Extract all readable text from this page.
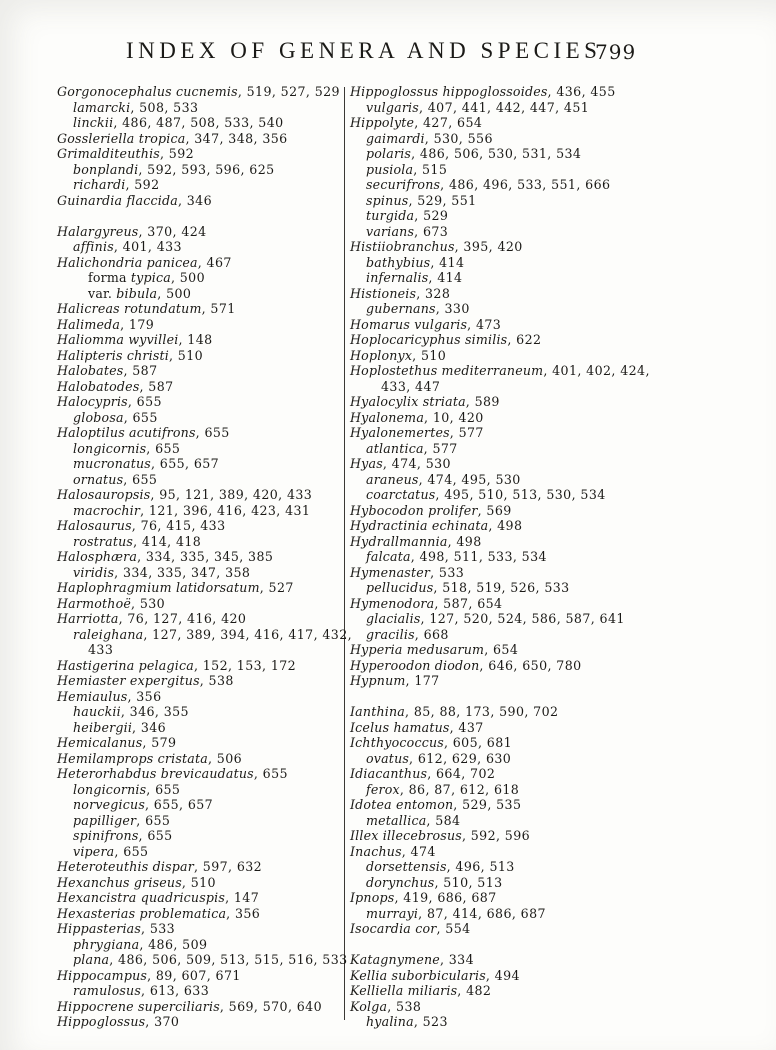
INDEX OF GENERA AND SPECIES
799
Gorgonocephalus cucnemis, 519, 527, 529
lamarcki, 508, 533
linckii, 486, 487, 508, 533, 540
Gossleriella tropica, 347, 348, 356
Grimalditeuthis, 592
bonplandi, 592, 593, 596, 625
richardi, 592
Guinardia flaccida, 346
Halargyreus, 370, 424
affinis, 401, 433
Halichondria panicea, 467
forma typica, 500
var. bibula, 500
Halicreas rotundatum, 571
Halimeda, 179
Haliomma wyvillei, 148
Halipteris christi, 510
Halobates, 587
Halobatodes, 587
Halocypris, 655
globosa, 655
Haloptilus acutifrons, 655
longicornis, 655
mucronatus, 655, 657
ornatus, 655
Halosauropsis, 95, 121, 389, 420, 433
macrochir, 121, 396, 416, 423, 431
Halosaurus, 76, 415, 433
rostratus, 414, 418
Halosphæra, 334, 335, 345, 385
viridis, 334, 335, 347, 358
Haplophragmium latidorsatum, 527
Harmothoë, 530
Harriotta, 76, 127, 416, 420
raleighana, 127, 389, 394, 416, 417, 432,
433
Hastigerina pelagica, 152, 153, 172
Hemiaster expergitus, 538
Hemiaulus, 356
hauckii, 346, 355
heibergii, 346
Hemicalanus, 579
Hemilamprops cristata, 506
Heterorhabdus brevicaudatus, 655
longicornis, 655
norvegicus, 655, 657
papilliger, 655
spinifrons, 655
vipera, 655
Heteroteuthis dispar, 597, 632
Hexanchus griseus, 510
Hexancistra quadricuspis, 147
Hexasterias problematica, 356
Hippasterias, 533
phrygiana, 486, 509
plana, 486, 506, 509, 513, 515, 516, 533
Hippocampus, 89, 607, 671
ramulosus, 613, 633
Hippocrene superciliaris, 569, 570, 640
Hippoglossus, 370
Hippoglossus hippoglossoides, 436, 455
vulgaris, 407, 441, 442, 447, 451
Hippolyte, 427, 654
gaimardi, 530, 556
polaris, 486, 506, 530, 531, 534
pusiola, 515
securifrons, 486, 496, 533, 551, 666
spinus, 529, 551
turgida, 529
varians, 673
Histiiobranchus, 395, 420
bathybius, 414
infernalis, 414
Histioneis, 328
gubernans, 330
Homarus vulgaris, 473
Hoplocaricyphus similis, 622
Hoplonyx, 510
Hoplostethus mediterraneum, 401, 402, 424,
433, 447
Hyalocylix striata, 589
Hyalonema, 10, 420
Hyalonemertes, 577
atlantica, 577
Hyas, 474, 530
araneus, 474, 495, 530
coarctatus, 495, 510, 513, 530, 534
Hybocodon prolifer, 569
Hydractinia echinata, 498
Hydrallmannia, 498
falcata, 498, 511, 533, 534
Hymenaster, 533
pellucidus, 518, 519, 526, 533
Hymenodora, 587, 654
glacialis, 127, 520, 524, 586, 587, 641
gracilis, 668
Hyperia medusarum, 654
Hyperoodon diodon, 646, 650, 780
Hypnum, 177
Ianthina, 85, 88, 173, 590, 702
Icelus hamatus, 437
Ichthyococcus, 605, 681
ovatus, 612, 629, 630
Idiacanthus, 664, 702
ferox, 86, 87, 612, 618
Idotea entomon, 529, 535
metallica, 584
Illex illecebrosus, 592, 596
Inachus, 474
dorsettensis, 496, 513
dorynchus, 510, 513
Ipnops, 419, 686, 687
murrayi, 87, 414, 686, 687
Isocardia cor, 554
Katagnymene, 334
Kellia suborbicularis, 494
Kelliella miliaris, 482
Kolga, 538
hyalina, 523
